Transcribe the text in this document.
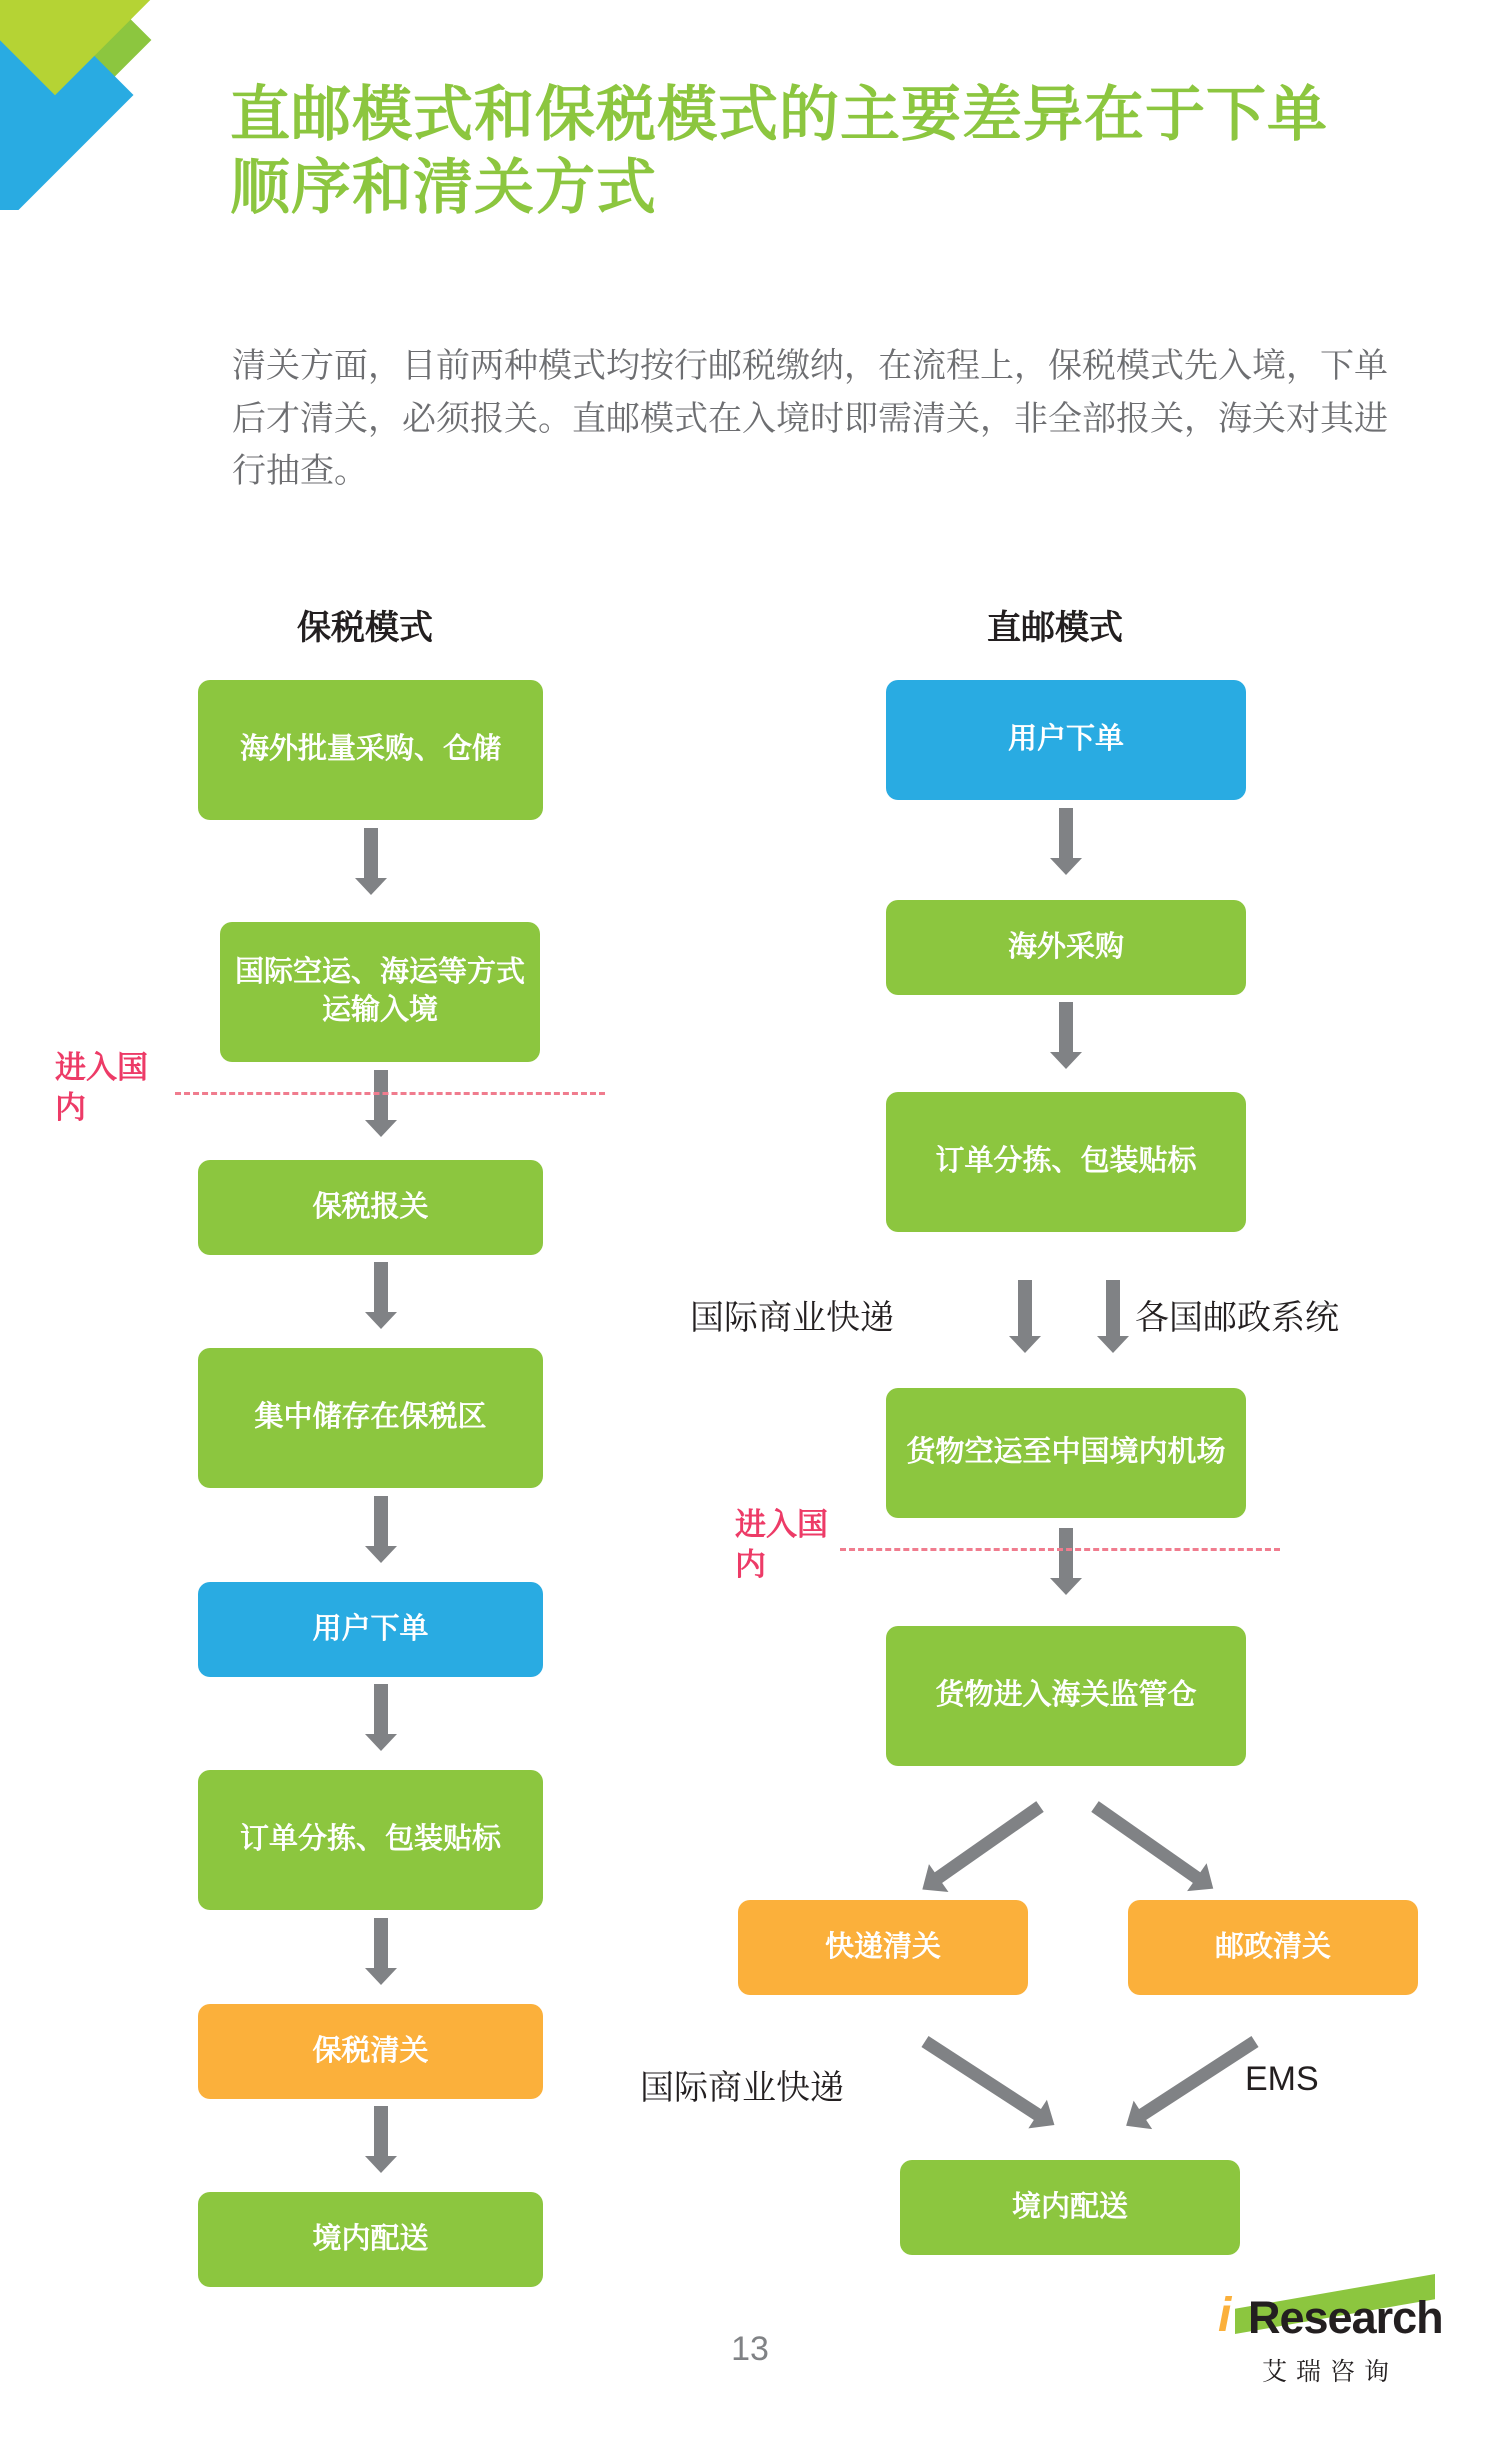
直邮模式和保税模式的主要差异在于下单顺序和清关方式
清关方面，目前两种模式均按行邮税缴纳，在流程上，保税模式先入境，下单后才清关，必须报关。直邮模式在入境时即需清关，非全部报关，海关对其进行抽查。
保税模式	直邮模式
海外批量采购、仓储
国际空运、海运等方式运输入境
保税报关
集中储存在保税区
用户下单
订单分拣、包装贴标
保税清关
境内配送
进入国内
用户下单
海外采购
订单分拣、包装贴标
国际商业快递	各国邮政系统
货物空运至中国境内机场
进入国内
货物进入海关监管仓
快递清关	邮政清关
国际商业快递	EMS
境内配送
13
i Research
艾瑞咨询
